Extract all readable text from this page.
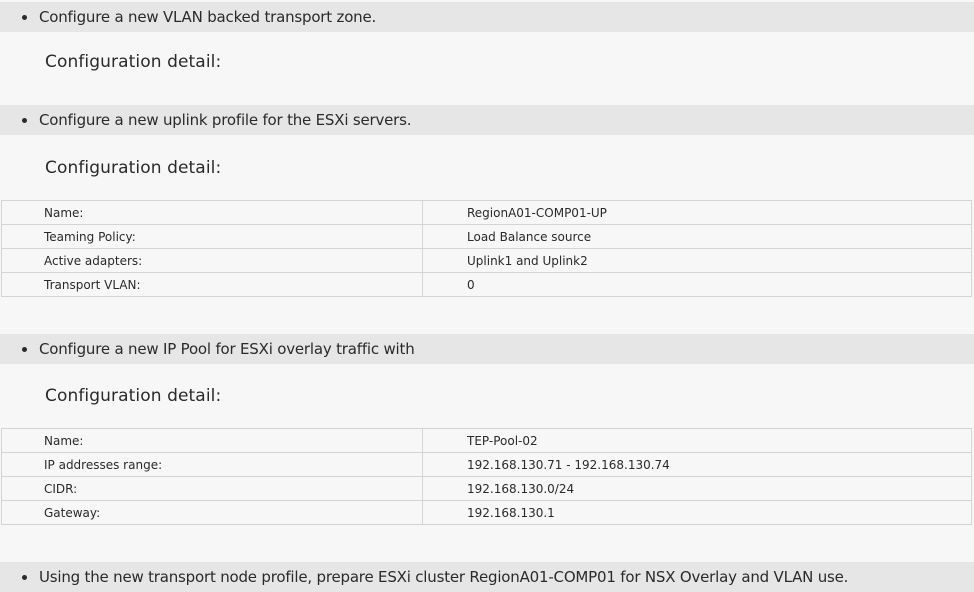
Configure a new VLAN backed transport zone.
Configuration detail:
Configure a new uplink profile for the ESXi servers.
Configuration detail:
Name:	RegionA01-COMP01-UP
Teaming Policy:	Load Balance source
Active adapters:	Uplink1 and Uplink2
Transport VLAN:	0
Configure a new IP Pool for ESXi overlay traffic with
Configuration detail:
Name:	TEP-Pool-02
IP addresses range:	192.168.130.71 - 192.168.130.74
CIDR:	192.168.130.0/24
Gateway:	192.168.130.1
Using the new transport node profile, prepare ESXi cluster RegionA01-COMP01 for NSX Overlay and VLAN use.
